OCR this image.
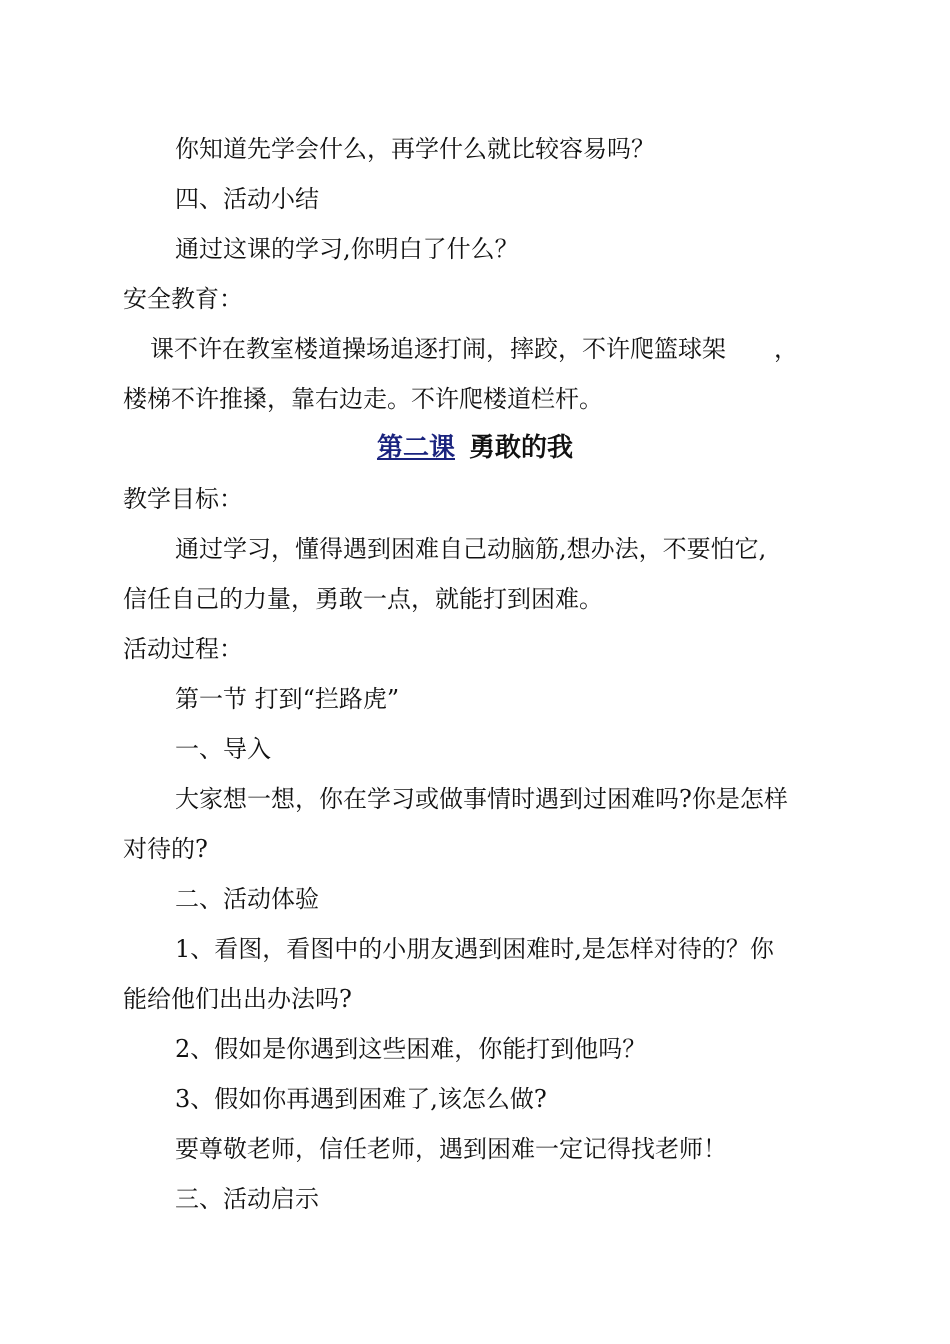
你知道先学会什么，再学什么就比较容易吗？
四、活动小结
通过这课的学习,你明白了什么？
安全教育：
课不许在教室楼道操场追逐打闹，摔跤，不许爬篮球架　　，
楼梯不许推搡，靠右边走。不许爬楼道栏杆。
第二课 勇敢的我
教学目标：
通过学习，懂得遇到困难自己动脑筋,想办法，不要怕它,
信任自己的力量，勇敢一点，就能打到困难。
活动过程：
第一节 打到“拦路虎”
一、导入
大家想一想，你在学习或做事情时遇到过困难吗?你是怎样
对待的?
二、活动体验
1、看图，看图中的小朋友遇到困难时,是怎样对待的？你
能给他们出出办法吗?
2、假如是你遇到这些困难，你能打到他吗？
3、假如你再遇到困难了,该怎么做?
要尊敬老师，信任老师，遇到困难一定记得找老师！
三、活动启示
